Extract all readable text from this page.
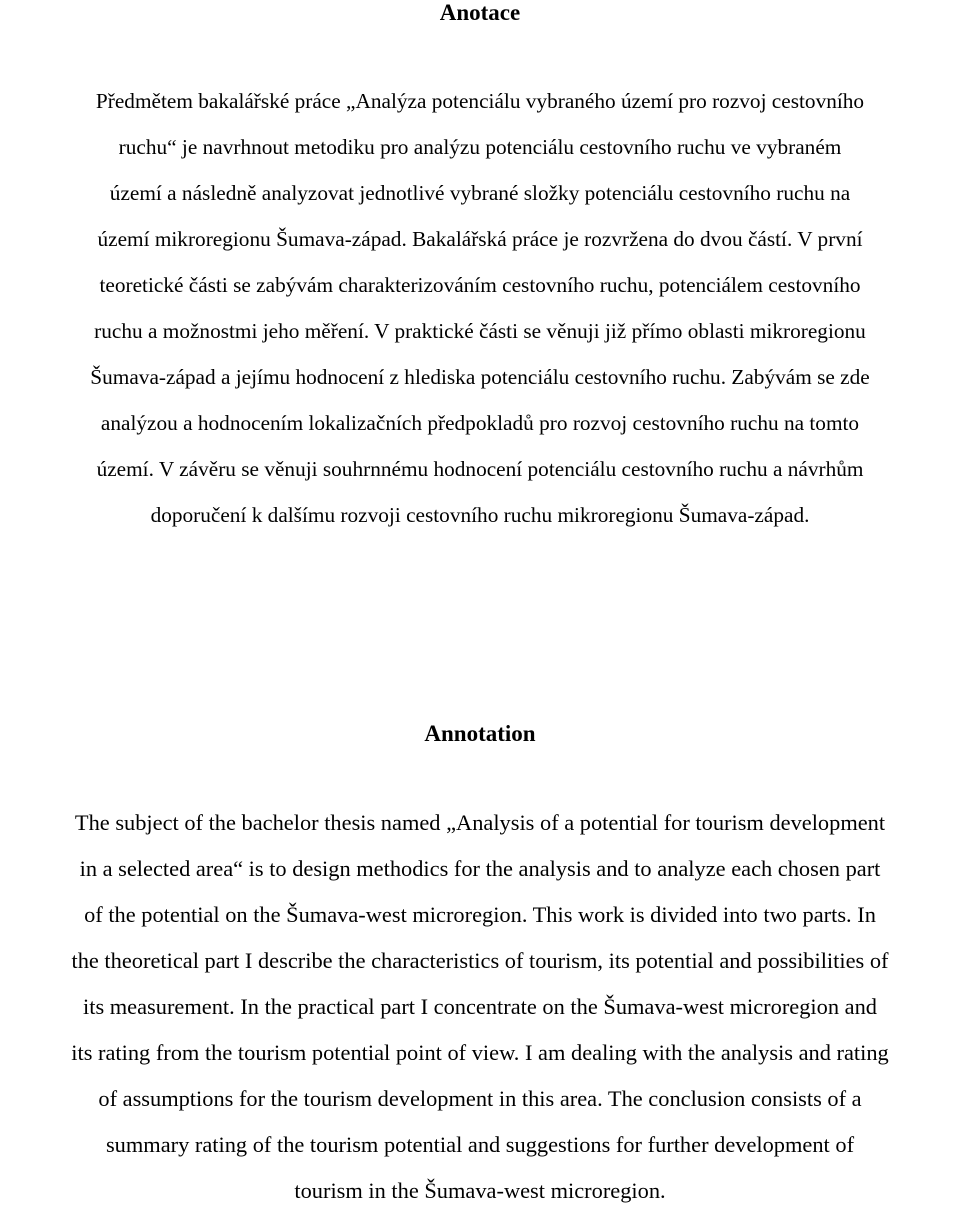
Anotace

Předmětem bakalářské práce „Analýza potenciálu vybraného území pro rozvoj cestovního
ruchu“ je navrhnout metodiku pro analýzu potenciálu cestovního ruchu ve vybraném
území a následně analyzovat jednotlivé vybrané složky potenciálu cestovního ruchu na
území mikroregionu Šumava-západ. Bakalářská práce je rozvržena do dvou částí. V první
teoretické části se zabývám charakterizováním cestovního ruchu, potenciálem cestovního
ruchu a možnostmi jeho měření. V praktické části se věnuji již přímo oblasti mikroregionu
Šumava-západ a jejímu hodnocení z hlediska potenciálu cestovního ruchu. Zabývám se zde
analýzou a hodnocením lokalizačních předpokladů pro rozvoj cestovního ruchu na tomto
území. V závěru se věnuji souhrnnému hodnocení potenciálu cestovního ruchu a návrhům
doporučení k dalšímu rozvoji cestovního ruchu mikroregionu Šumava-západ.

Annotation

The subject of the bachelor thesis named „Analysis of a potential for tourism development
in a selected area“ is to design methodics for the analysis and to analyze each chosen part
of the potential on the Šumava-west microregion. This work is divided into two parts. In
the theoretical part I describe the characteristics of tourism, its potential and possibilities of
its measurement. In the practical part I concentrate on the Šumava-west microregion and
its rating from the tourism potential point of view. I am dealing with the analysis and rating
of assumptions for the tourism development in this area. The conclusion consists of a
summary rating of the tourism potential and suggestions for further development of
tourism in the Šumava-west microregion.
